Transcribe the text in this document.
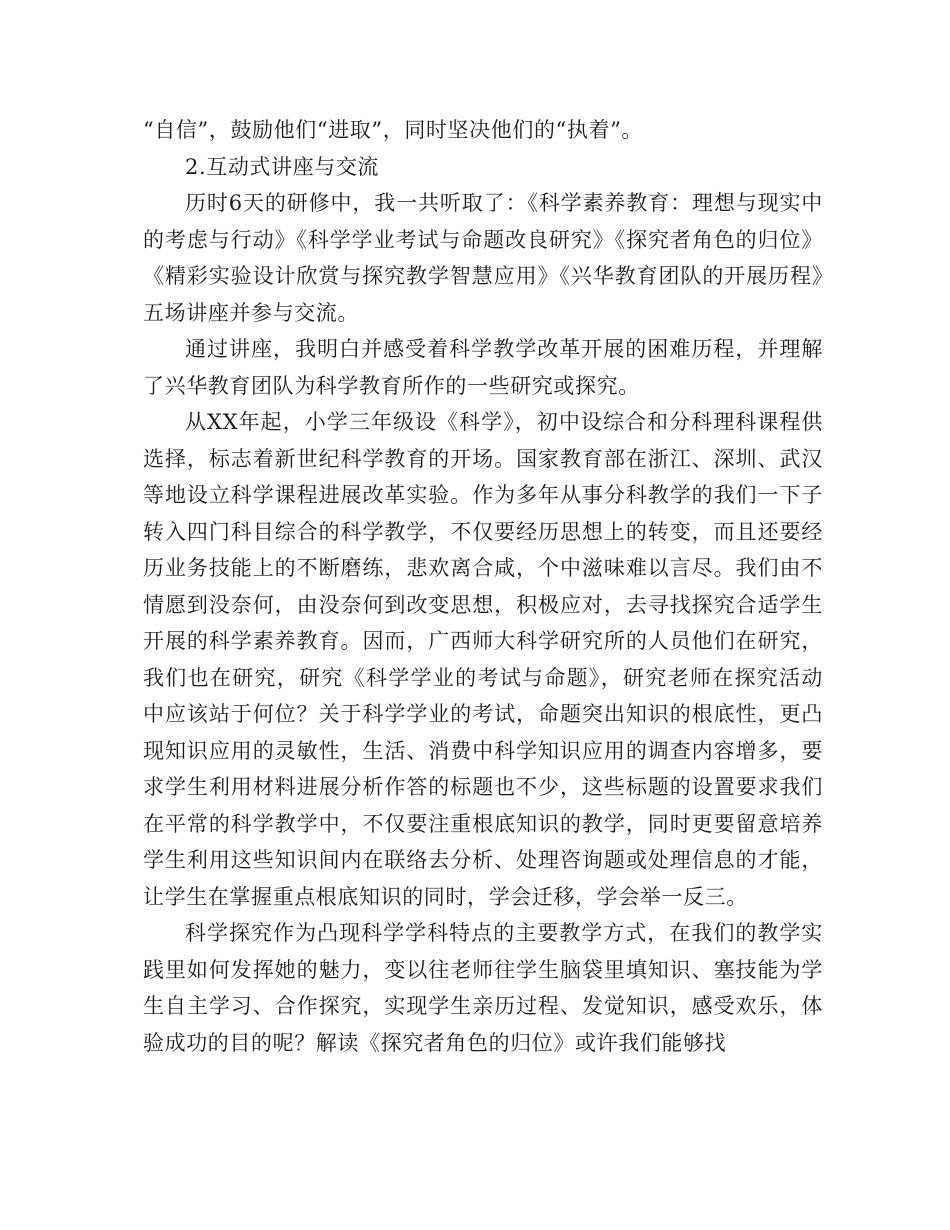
“自信”，鼓励他们“进取”，同时坚决他们的“执着”。

2.互动式讲座与交流

历时6天的研修中，我一共听取了：《科学素养教育：理想与现实中的考虑与行动》《科学学业考试与命题改良研究》《探究者角色的归位》《精彩实验设计欣赏与探究教学智慧应用》《兴华教育团队的开展历程》五场讲座并参与交流。

通过讲座，我明白并感受着科学教学改革开展的困难历程，并理解了兴华教育团队为科学教育所作的一些研究或探究。

从XX年起，小学三年级设《科学》，初中设综合和分科理科课程供选择，标志着新世纪科学教育的开场。国家教育部在浙江、深圳、武汉等地设立科学课程进展改革实验。作为多年从事分科教学的我们一下子转入四门科目综合的科学教学，不仅要经历思想上的转变，而且还要经历业务技能上的不断磨练，悲欢离合咸，个中滋味难以言尽。我们由不情愿到没奈何，由没奈何到改变思想，积极应对，去寻找探究合适学生开展的科学素养教育。因而，广西师大科学研究所的人员他们在研究，我们也在研究，研究《科学学业的考试与命题》，研究老师在探究活动中应该站于何位？关于科学学业的考试，命题突出知识的根底性，更凸现知识应用的灵敏性，生活、消费中科学知识应用的调查内容增多，要求学生利用材料进展分析作答的标题也不少，这些标题的设置要求我们在平常的科学教学中，不仅要注重根底知识的教学，同时更要留意培养学生利用这些知识间内在联络去分析、处理咨询题或处理信息的才能，让学生在掌握重点根底知识的同时，学会迁移，学会举一反三。

科学探究作为凸现科学学科特点的主要教学方式，在我们的教学实践里如何发挥她的魅力，变以往老师往学生脑袋里填知识、塞技能为学生自主学习、合作探究，实现学生亲历过程、发觉知识，感受欢乐，体验成功的目的呢？解读《探究者角色的归位》或许我们能够找
